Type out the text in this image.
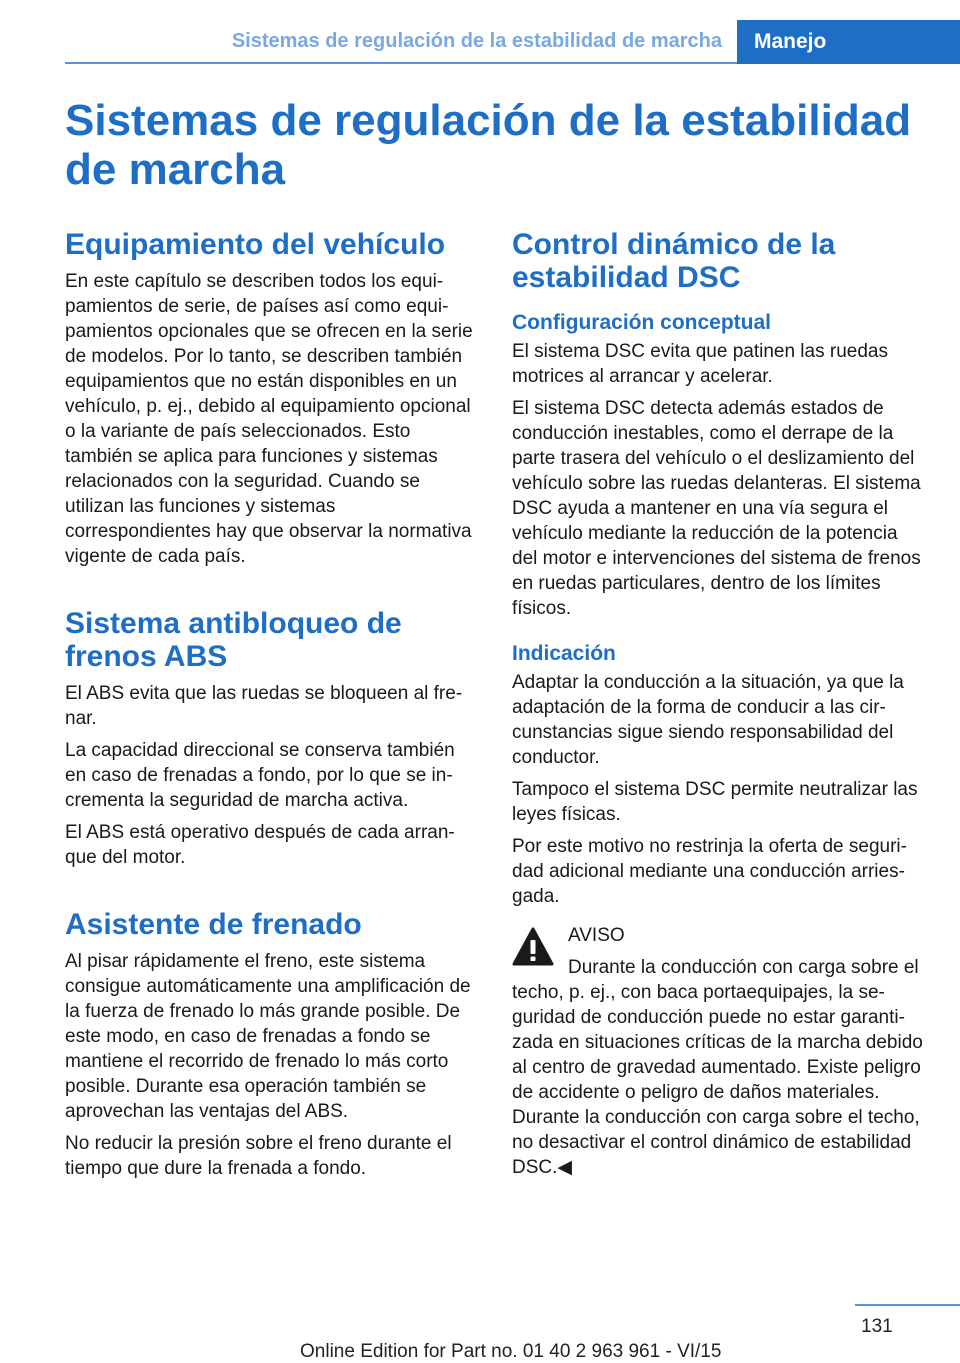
Sistemas de regulación de la estabilidad de marcha	Manejo
Sistemas de regulación de la estabilidad de marcha
Equipamiento del vehículo

En este capítulo se describen todos los equipamientos de serie, de países así como equipamientos opcionales que se ofrecen en la serie de modelos. Por lo tanto, se describen también equipamientos que no están disponibles en un vehículo, p. ej., debido al equipamiento opcional o la variante de país seleccionados. Esto también se aplica para funciones y sistemas relacionados con la seguridad. Cuando se utilizan las funciones y sistemas correspondientes hay que observar la normativa vigente de cada país.

Sistema antibloqueo de frenos ABS

El ABS evita que las ruedas se bloqueen al frenar.

La capacidad direccional se conserva también en caso de frenadas a fondo, por lo que se incrementa la seguridad de marcha activa.

El ABS está operativo después de cada arranque del motor.

Asistente de frenado

Al pisar rápidamente el freno, este sistema consigue automáticamente una amplificación de la fuerza de frenado lo más grande posible. De este modo, en caso de frenadas a fondo se mantiene el recorrido de frenado lo más corto posible. Durante esa operación también se aprovechan las ventajas del ABS.

No reducir la presión sobre el freno durante el tiempo que dure la frenada a fondo.

Control dinámico de la estabilidad DSC
Configuración conceptual

El sistema DSC evita que patinen las ruedas motrices al arrancar y acelerar.

El sistema DSC detecta además estados de conducción inestables, como el derrape de la parte trasera del vehículo o el deslizamiento del vehículo sobre las ruedas delanteras. El sistema DSC ayuda a mantener en una vía segura el vehículo mediante la reducción de la potencia del motor e intervenciones del sistema de frenos en ruedas particulares, dentro de los límites físicos.

Indicación

Adaptar la conducción a la situación, ya que la adaptación de la forma de conducir a las circunstancias sigue siendo responsabilidad del conductor.

Tampoco el sistema DSC permite neutralizar las leyes físicas.

Por este motivo no restrinja la oferta de seguridad adicional mediante una conducción arriesgada.

AVISO
Durante la conducción con carga sobre el techo, p. ej., con baca portaequipajes, la seguridad de conducción puede no estar garantizada en situaciones críticas de la marcha debido al centro de gravedad aumentado. Existe peligro de accidente o peligro de daños materiales. Durante la conducción con carga sobre el techo, no desactivar el control dinámico de estabilidad DSC.◀
131
Online Edition for Part no. 01 40 2 963 961 - VI/15
